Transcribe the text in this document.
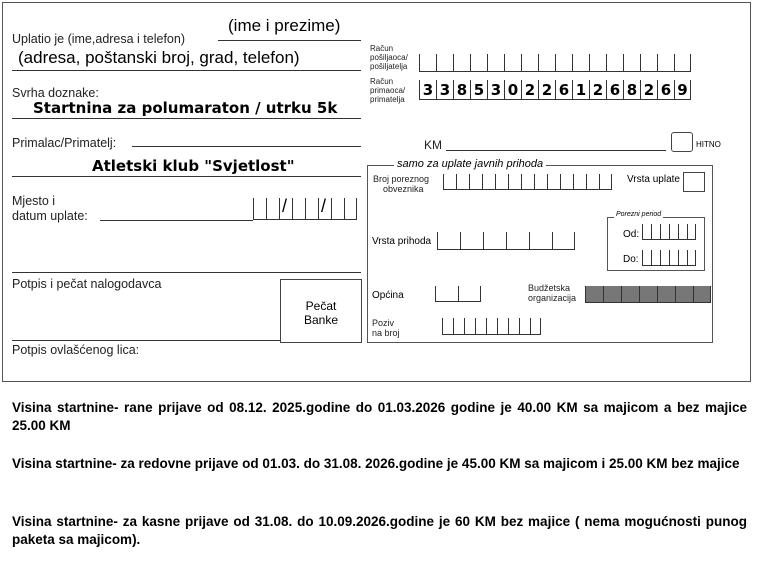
Uplatio je (ime,adresa i telefon)
(ime i prezime)
(adresa, poštanski broj, grad, telefon)
Svrha doznake:
Startnina za polumaraton / utrku 5k
Primalac/Primatelj:
Atletski klub "Svjetlost"
Mjesto i
datum uplate:	/ /
Potpis i pečat nalogodavca
Potpis ovlašćenog lica:
Pečat
Banke
Račun
pošiljaoca/
pošiljatelja
Račun
primaoca/
primatelja
3 3 8 5 3 0 2 2 6 1 2 6 8 2 6 9
KM	HITNO
samo za uplate javnih prihoda
Broj poreznog
obveznika
Vrsta uplate
Vrsta prihoda
Porezni period
Od:
Do:
Općina
Budžetska
organizacija
Poziv
na broj
Visina startnine- rane prijave od 08.12. 2025.godine do 01.03.2026 godine je 40.00 KM sa majicom a bez majice 25.00 KM
Visina startnine- za redovne prijave od 01.03. do 31.08. 2026.godine je 45.00 KM sa majicom i 25.00 KM bez majice
Visina startnine- za kasne prijave od 31.08. do 10.09.2026.godine je 60 KM bez majice ( nema mogućnosti punog paketa sa majicom).
